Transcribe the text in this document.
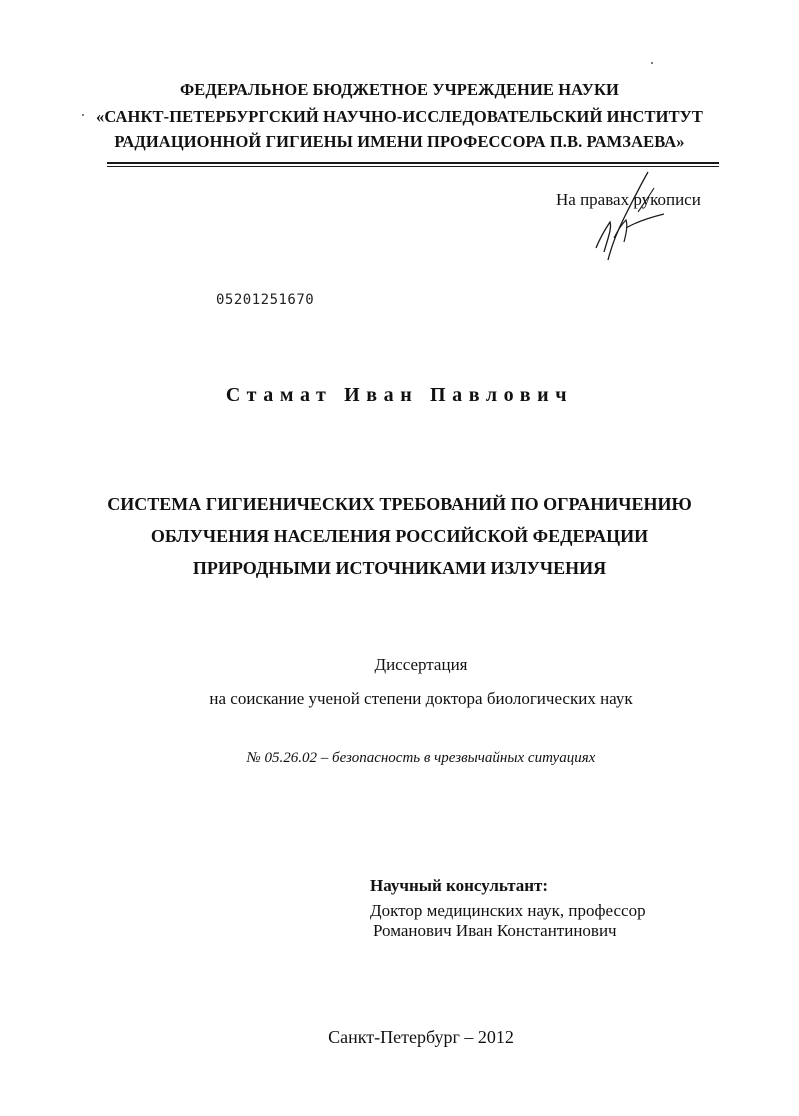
ФЕДЕРАЛЬНОЕ БЮДЖЕТНОЕ УЧРЕЖДЕНИЕ НАУКИ
«САНКТ-ПЕТЕРБУРГСКИЙ НАУЧНО-ИССЛЕДОВАТЕЛЬСКИЙ ИНСТИТУТ
РАДИАЦИОННОЙ ГИГИЕНЫ ИМЕНИ ПРОФЕССОРА П.В. РАМЗАЕВА»
На правах рукописи
05201251670
Стамат Иван Павлович
СИСТЕМА ГИГИЕНИЧЕСКИХ ТРЕБОВАНИЙ ПО ОГРАНИЧЕНИЮ
ОБЛУЧЕНИЯ НАСЕЛЕНИЯ РОССИЙСКОЙ ФЕДЕРАЦИИ
ПРИРОДНЫМИ ИСТОЧНИКАМИ ИЗЛУЧЕНИЯ
Диссертация
на соискание ученой степени доктора биологических наук
№ 05.26.02 – безопасность в чрезвычайных ситуациях
Научный консультант:
Доктор медицинских наук, профессор
Романович Иван Константинович
Санкт-Петербург – 2012
